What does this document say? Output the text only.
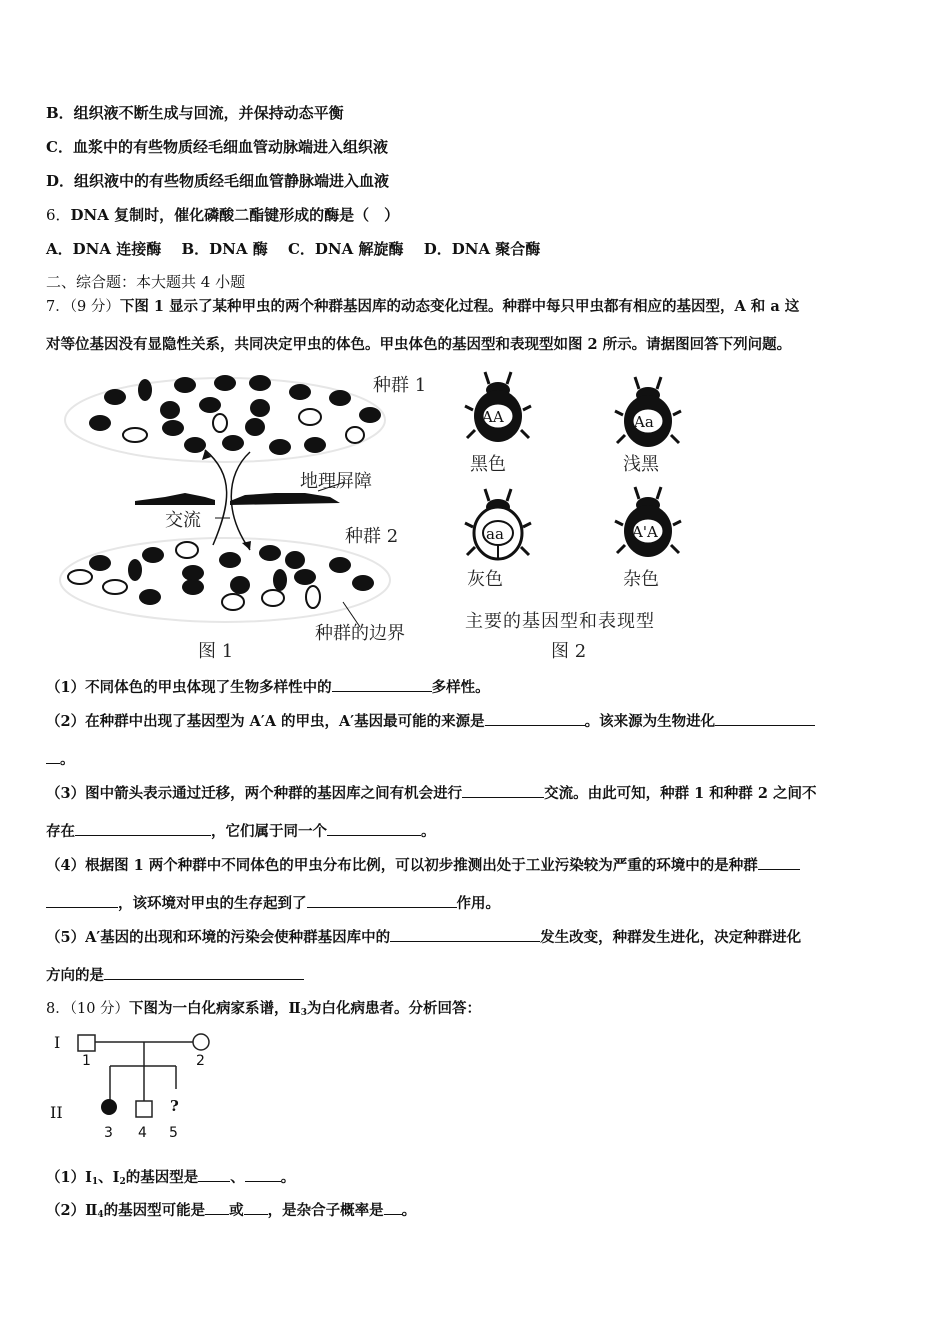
B．组织液不断生成与回流，并保持动态平衡
C．血浆中的有些物质经毛细血管动脉端进入组织液
D．组织液中的有些物质经毛细血管静脉端进入血液
6．DNA 复制时，催化磷酸二酯键形成的酶是（　）
A．DNA 连接酶  B．DNA 酶  C．DNA 解旋酶  D．DNA 聚合酶
二、综合题：本大题共 4 小题
7．（9 分）下图 1 显示了某种甲虫的两个种群基因库的动态变化过程。种群中每只甲虫都有相应的基因型，A 和 a 这
对等位基因没有显隐性关系，共同决定甲虫的体色。甲虫体色的基因型和表现型如图 2 所示。请据图回答下列问题。
种群 1
地理屏障
交流
种群 2
种群的边界
图 1
AA
黑色
Aa
浅黑
aa
灰色
A'A
杂色
主要的基因型和表现型
图 2
（1）不同体色的甲虫体现了生物多样性中的	多样性。
（2）在种群中出现了基因型为 A′A 的甲虫，A′基因最可能的来源是	。该来源为生物进化
。
（3）图中箭头表示通过迁移，两个种群的基因库之间有机会进行	交流。由此可知，种群 1 和种群 2 之间不
存在	，它们属于同一个	。
（4）根据图 1 两个种群中不同体色的甲虫分布比例，可以初步推测出处于工业污染较为严重的环境中的是种群
，该环境对甲虫的生存起到了	作用。
（5）A′基因的出现和环境的污染会使种群基因库中的	发生改变，种群发生进化，决定种群进化
方向的是
8．（10 分）下图为一白化病家系谱，$Ⅱ_3$为白化病患者。分析回答：
I
1	2
II	?
3 4 5
$(1)Ⅰ_1$、$Ⅰ_2$的基因型是 、 。
$(2)Ⅱ_4$的基因型可能是 或 ，是杂合子概率是 。
